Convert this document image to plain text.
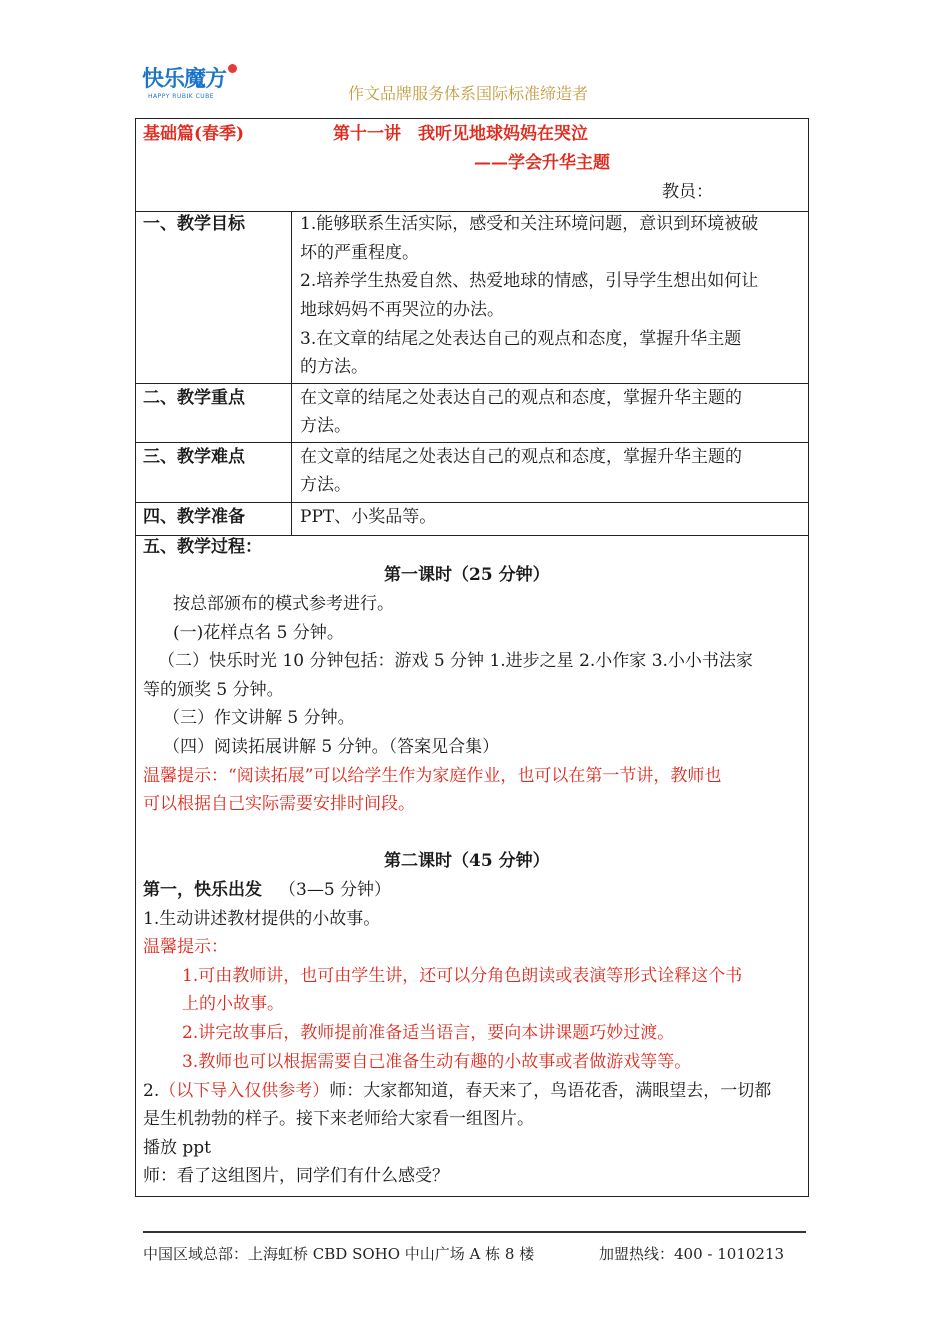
快乐魔方
HAPPY RUBIK CUBE	作文品牌服务体系国际标准缔造者
基础篇(春季)	第十一讲　我听见地球妈妈在哭泣
——学会升华主题
教员：
一、教学目标	1.能够联系生活实际，感受和关注环境问题，意识到环境被破
坏的严重程度。
2.培养学生热爱自然、热爱地球的情感，引导学生想出如何让
地球妈妈不再哭泣的办法。
3.在文章的结尾之处表达自己的观点和态度，掌握升华主题
的方法。
二、教学重点	在文章的结尾之处表达自己的观点和态度，掌握升华主题的
方法。
三、教学难点	在文章的结尾之处表达自己的观点和态度，掌握升华主题的
方法。
四、教学准备	PPT、小奖品等。
五、教学过程：
第一课时（25 分钟）
按总部颁布的模式参考进行。
(一)花样点名 5 分钟。
（二）快乐时光 10 分钟包括：游戏 5 分钟 1.进步之星 2.小作家 3.小小书法家
等的颁奖 5 分钟。
（三）作文讲解 5 分钟。
（四）阅读拓展讲解 5 分钟。（答案见合集）
温馨提示：“阅读拓展”可以给学生作为家庭作业，也可以在第一节讲，教师也
可以根据自己实际需要安排时间段。
第二课时（45 分钟）
第一，快乐出发 （3—5 分钟）
1.生动讲述教材提供的小故事。
温馨提示：
1.可由教师讲，也可由学生讲，还可以分角色朗读或表演等形式诠释这个书
上的小故事。
2.讲完故事后，教师提前准备适当语言，要向本讲课题巧妙过渡。
3.教师也可以根据需要自己准备生动有趣的小故事或者做游戏等等。
2.（以下导入仅供参考）师：大家都知道，春天来了，鸟语花香，满眼望去，一切都
是生机勃勃的样子。接下来老师给大家看一组图片。
播放 ppt
师：看了这组图片，同学们有什么感受？
中国区域总部：上海虹桥 CBD SOHO 中山广场 A 栋 8 楼	加盟热线：400 - 1010213
